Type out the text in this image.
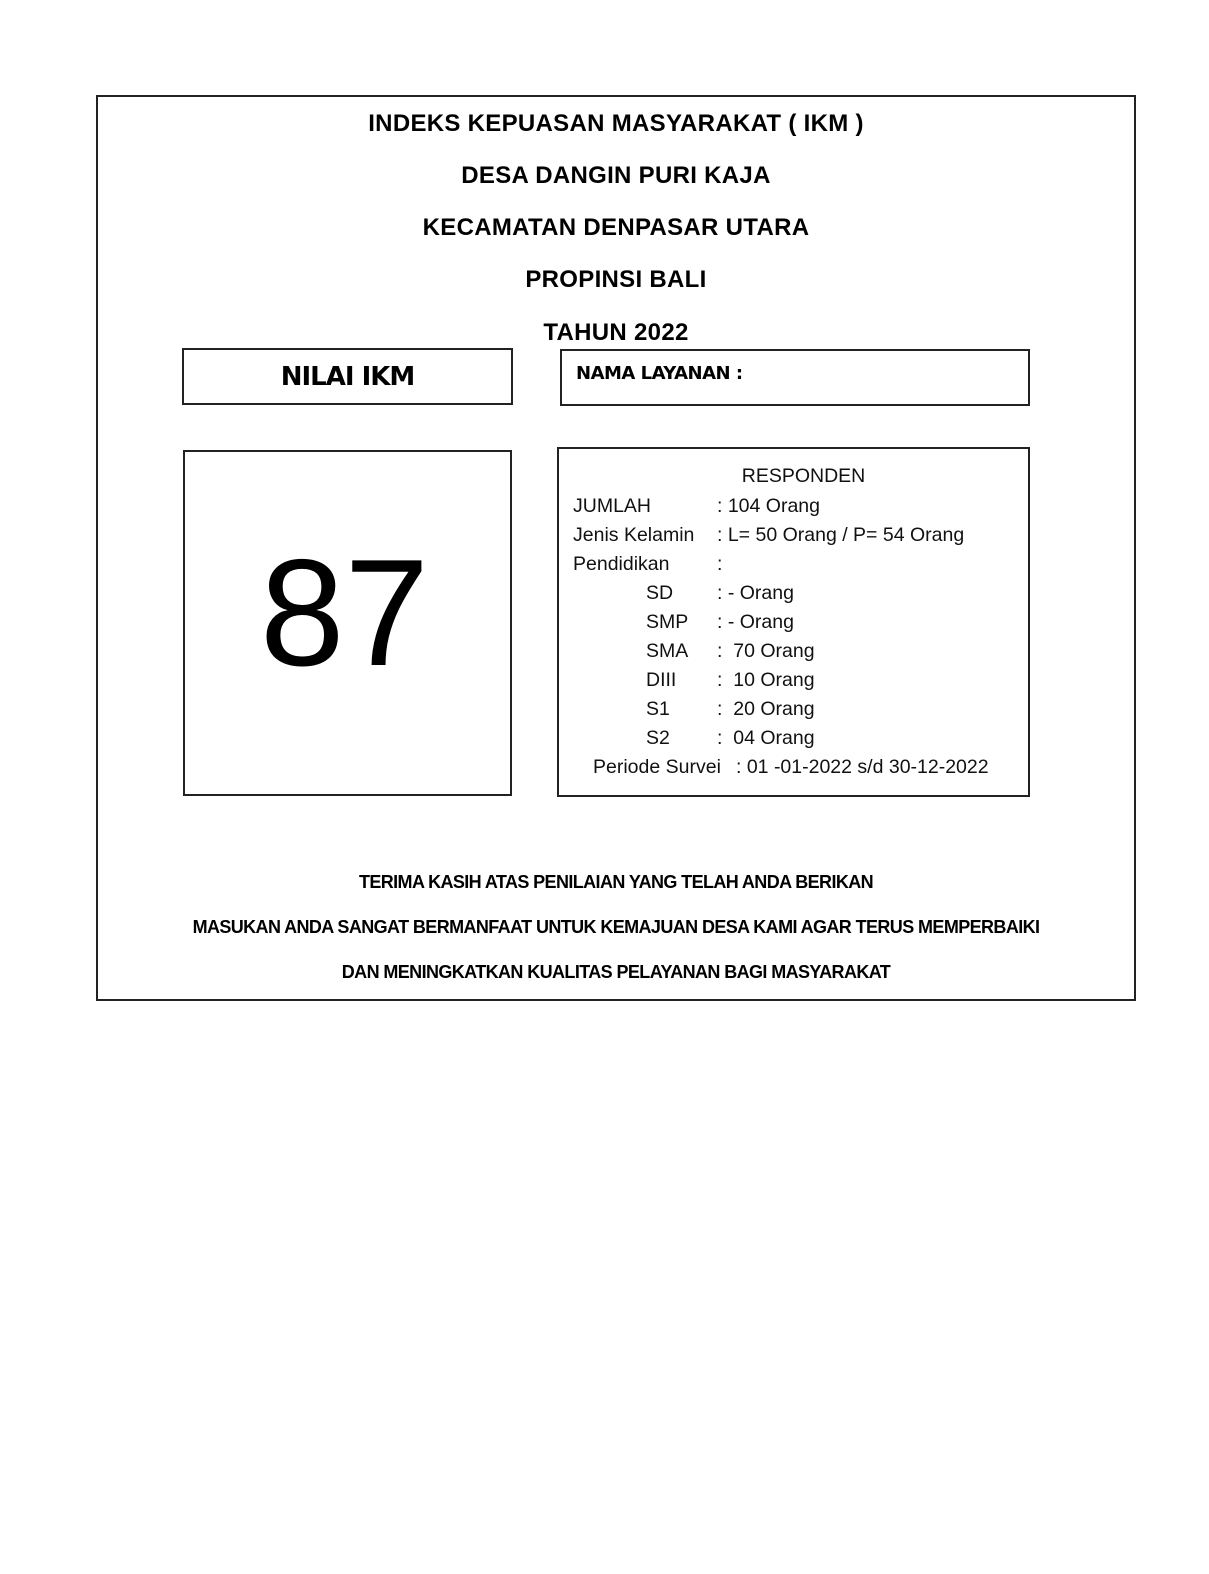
INDEKS KEPUASAN MASYARAKAT ( IKM )
DESA DANGIN PURI KAJA
KECAMATAN DENPASAR UTARA
PROPINSI BALI
TAHUN 2022
NILAI IKM	NAMA LAYANAN :
87
RESPONDEN
JUMLAH	: 104 Orang
Jenis Kelamin : L= 50 Orang / P= 54 Orang
Pendidikan :
SD : - Orang
SMP : - Orang
SMA :  70 Orang
DIII :  10 Orang
S1 :  20 Orang
S2 :  04 Orang
Periode Survei : 01 -01-2022 s/d 30-12-2022
TERIMA KASIH ATAS PENILAIAN YANG TELAH ANDA BERIKAN
MASUKAN ANDA SANGAT BERMANFAAT UNTUK KEMAJUAN DESA KAMI AGAR TERUS MEMPERBAIKI
DAN MENINGKATKAN KUALITAS PELAYANAN BAGI MASYARAKAT
